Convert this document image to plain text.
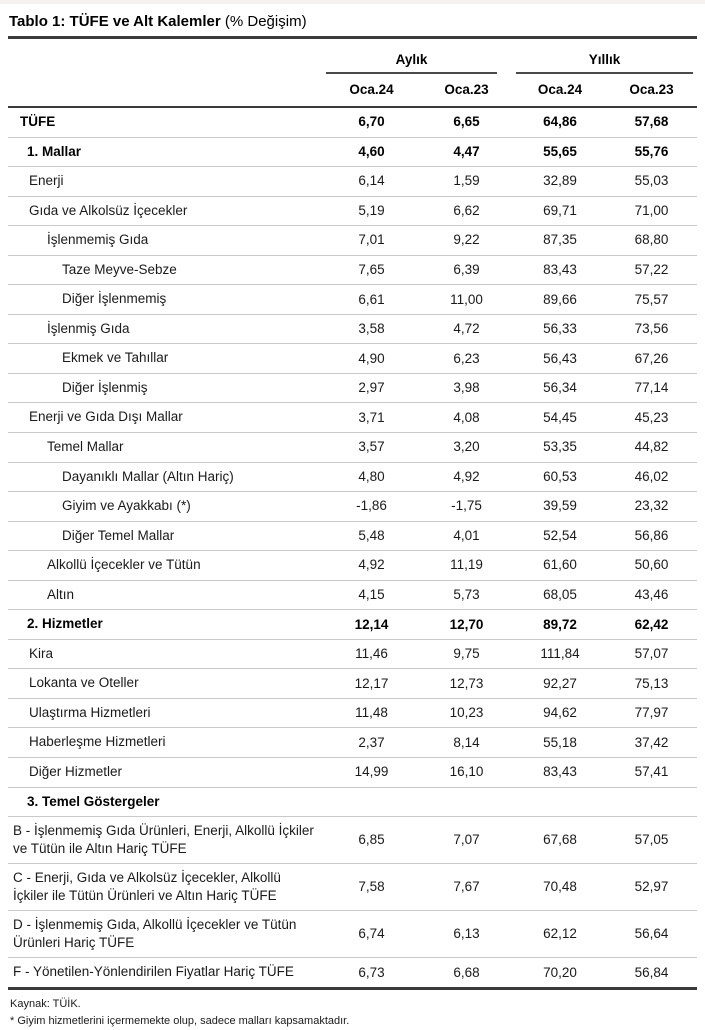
Tablo 1: TÜFE ve Alt Kalemler (% Değişim)

	Aylık		Yıllık	

	Oca.24	Oca.23	Oca.24	Oca.23
TÜFE	6,70	6,65	64,86	57,68
1. Mallar	4,60	4,47	55,65	55,76
Enerji	6,14	1,59	32,89	55,03
Gıda ve Alkolsüz İçecekler	5,19	6,62	69,71	71,00
İşlenmemiş Gıda	7,01	9,22	87,35	68,80
Taze Meyve-Sebze	7,65	6,39	83,43	57,22
Diğer İşlenmemiş	6,61	11,00	89,66	75,57
İşlenmiş Gıda	3,58	4,72	56,33	73,56
Ekmek ve Tahıllar	4,90	6,23	56,43	67,26
Diğer İşlenmiş	2,97	3,98	56,34	77,14
Enerji ve Gıda Dışı Mallar	3,71	4,08	54,45	45,23
Temel Mallar	3,57	3,20	53,35	44,82
Dayanıklı Mallar (Altın Hariç)	4,80	4,92	60,53	46,02
Giyim ve Ayakkabı (*)	-1,86	-1,75	39,59	23,32
Diğer Temel Mallar	5,48	4,01	52,54	56,86
Alkollü İçecekler ve Tütün	4,92	11,19	61,60	50,60
Altın	4,15	5,73	68,05	43,46
2. Hizmetler	12,14	12,70	89,72	62,42
Kira	11,46	9,75	111,84	57,07
Lokanta ve Oteller	12,17	12,73	92,27	75,13
Ulaştırma Hizmetleri	11,48	10,23	94,62	77,97
Haberleşme Hizmetleri	2,37	8,14	55,18	37,42
Diğer Hizmetler	14,99	16,10	83,43	57,41
3. Temel Göstergeler				
B - İşlenmemiş Gıda Ürünleri, Enerji, Alkollü İçkiler ve Tütün ile Altın Hariç TÜFE	6,85	7,07	67,68	57,05
C - Enerji, Gıda ve Alkolsüz İçecekler, Alkollü İçkiler ile Tütün Ürünleri ve Altın Hariç TÜFE	7,58	7,67	70,48	52,97
D - İşlenmemiş Gıda, Alkollü İçecekler ve Tütün Ürünleri Hariç TÜFE	6,74	6,13	62,12	56,64
F - Yönetilen-Yönlendirilen Fiyatlar Hariç TÜFE	6,73	6,68	70,20	56,84
Kaynak: TÜİK.
* Giyim hizmetlerini içermemekte olup, sadece malları kapsamaktadır.
